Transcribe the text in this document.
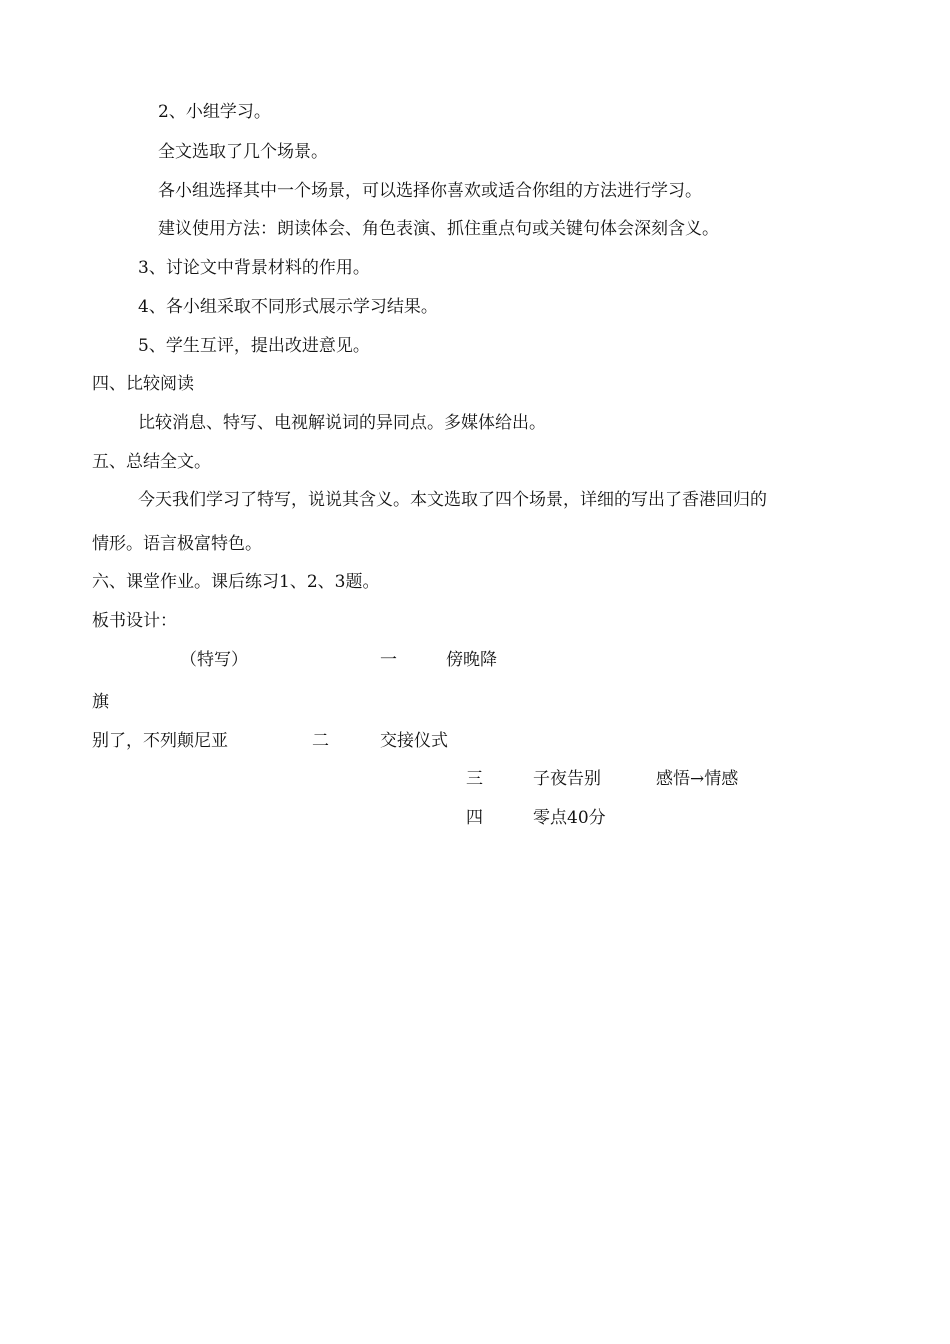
2、小组学习。
全文选取了几个场景。
各小组选择其中一个场景，可以选择你喜欢或适合你组的方法进行学习。
建议使用方法：朗读体会、角色表演、抓住重点句或关键句体会深刻含义。
3、讨论文中背景材料的作用。
4、各小组采取不同形式展示学习结果。
5、学生互评，提出改进意见。
四、比较阅读
比较消息、特写、电视解说词的异同点。多媒体给出。
五、总结全文。
今天我们学习了特写，说说其含义。本文选取了四个场景，详细的写出了香港回归的
情形。语言极富特色。
六、课堂作业。课后练习1、2、3题。
板书设计：
（特写）	一	傍晚降
旗
别了，不列颠尼亚	二	交接仪式
三	子夜告别	感悟→情感
四	零点40分
